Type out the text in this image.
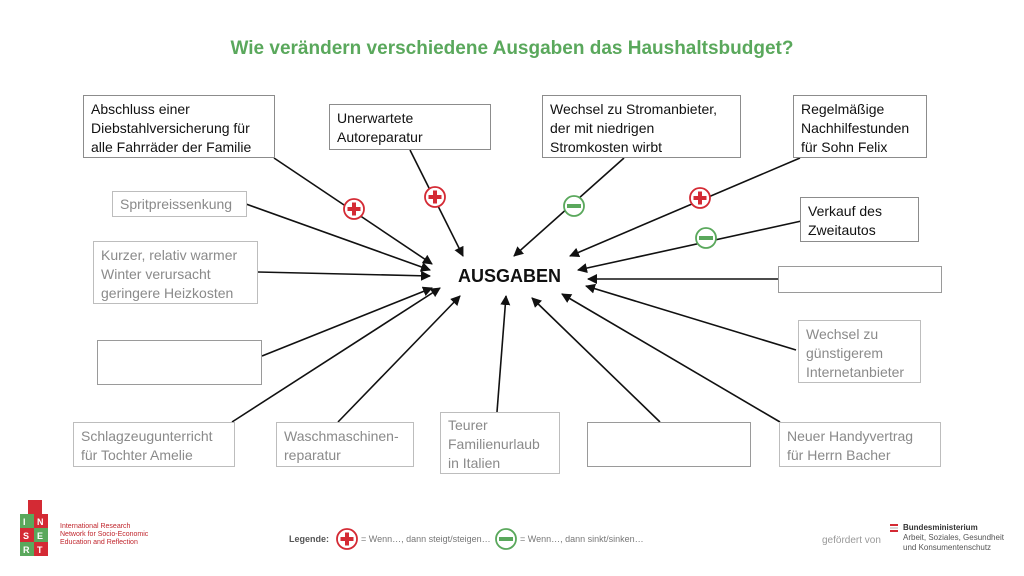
Wie verändern verschiedene Ausgaben das Haushaltsbudget?
I N
S E
R T
Abschluss einer Diebstahlversicherung für alle Fahrräder der Familie
Unerwartete Autoreparatur
Wechsel zu Stromanbieter, der mit niedrigen Stromkosten wirbt
Regelmäßige Nachhilfestunden für Sohn Felix
Spritpreissenkung	Verkauf des Zweitautos
Kurzer, relativ warmer Winter verursacht geringere Heizkosten
Wechsel zu günstigerem Internetanbieter
Schlagzeugunterricht für Tochter Amelie
Waschmaschinen-reparatur
Teurer Familienurlaub in Italien
Neuer Handyvertrag für Herrn Bacher
AUSGABEN
Legende:	= Wenn…, dann steigt/steigen…	= Wenn…, dann sinkt/sinken…
International Research Network for Socio-Economic Education and Reflection	gefördert von
Bundesministerium
Arbeit, Soziales, Gesundheit
und Konsumentenschutz
